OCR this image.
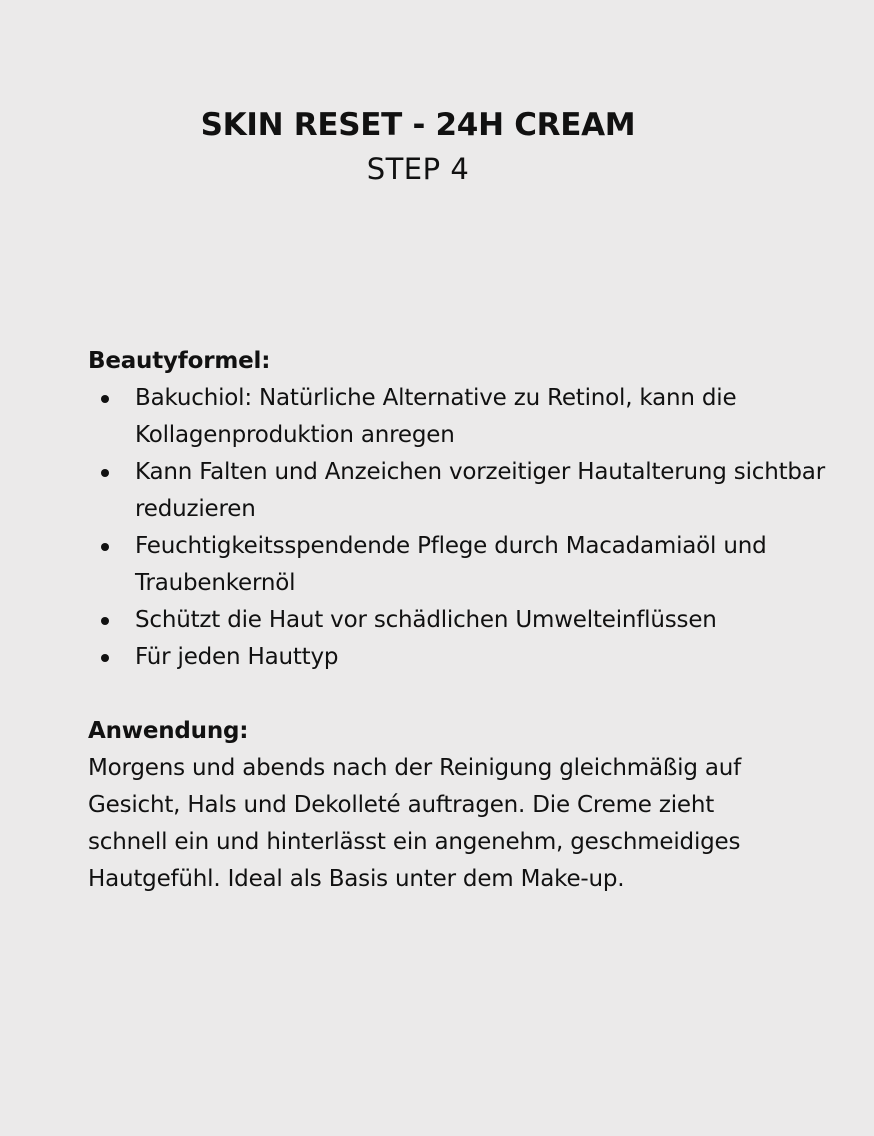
SKIN RESET - 24H CREAM

STEP 4

Beautyformel:

Bakuchiol: Natürliche Alternative zu Retinol, kann die Kollagenproduktion anregen
Kann Falten und Anzeichen vorzeitiger Hautalterung sichtbar reduzieren
Feuchtigkeitsspendende Pflege durch Macadamiaöl und Traubenkernöl
Schützt die Haut vor schädlichen Umwelteinflüssen
Für jeden Hauttyp

Anwendung:

Morgens und abends nach der Reinigung gleichmäßig auf Gesicht, Hals und Dekolleté auftragen. Die Creme zieht schnell ein und hinterlässt ein angenehm, geschmeidiges Hautgefühl. Ideal als Basis unter dem Make-up.
